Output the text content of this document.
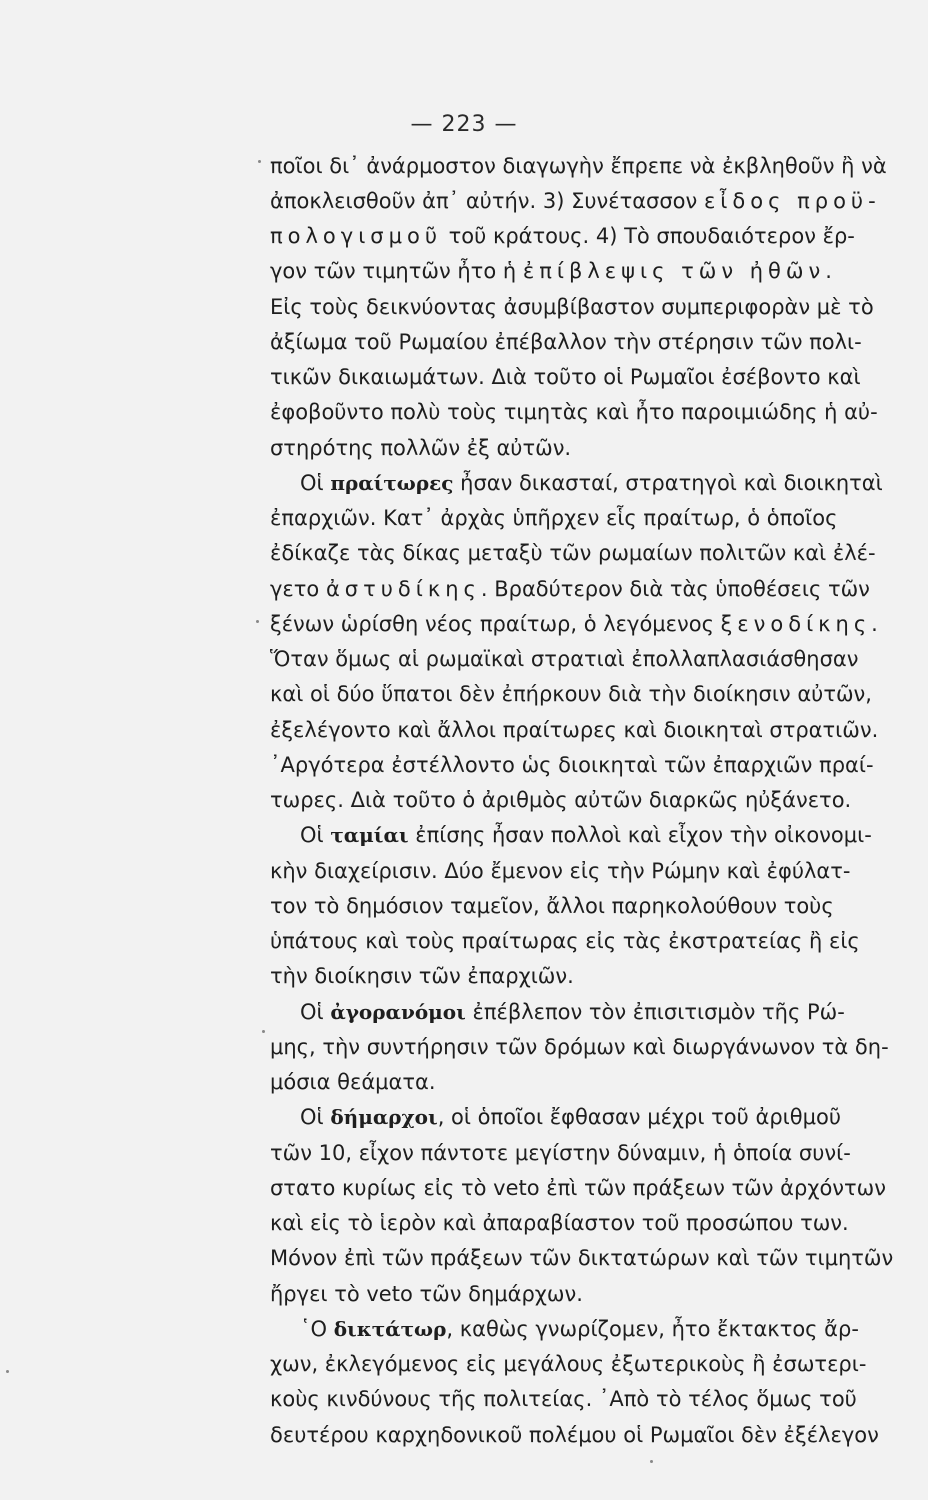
— 223 —
ποῖοι δι᾽ ἀνάρμοστον διαγωγὴν ἔπρεπε νὰ ἐκβληθοῦν ἢ νὰ
ἀποκλεισθοῦν ἀπ᾽ αὐτήν. 3) Συνέτασσον εἶδος προϋ-
πολογισμοῦ τοῦ κράτους. 4) Τὸ σπουδαιότερον ἔρ-
γον τῶν τιμητῶν ἦτο ἡ ἐπίβλεψις τῶν ἠθῶν.
Εἰς τοὺς δεικνύοντας ἀσυμβίβαστον συμπεριφορὰν μὲ τὸ
ἀξίωμα τοῦ Ρωμαίου ἐπέβαλλον τὴν στέρησιν τῶν πολι-
τικῶν δικαιωμάτων. Διὰ τοῦτο οἱ Ρωμαῖοι ἐσέβοντο καὶ
ἐφοβοῦντο πολὺ τοὺς τιμητὰς καὶ ἦτο παροιμιώδης ἡ αὐ-
στηρότης πολλῶν ἐξ αὐτῶν.
Οἱ πραίτωρες ἦσαν δικασταί, στρατηγοὶ καὶ διοικηταὶ
ἐπαρχιῶν. Κατ᾽ ἀρχὰς ὑπῆρχεν εἷς πραίτωρ, ὁ ὁποῖος
ἐδίκαζε τὰς δίκας μεταξὺ τῶν ρωμαίων πολιτῶν καὶ ἐλέ-
γετο ἀστυδίκης. Βραδύτερον διὰ τὰς ὑποθέσεις τῶν
ξένων ὡρίσθη νέος πραίτωρ, ὁ λεγόμενος ξενοδίκης.
Ὅταν ὅμως αἱ ρωμαϊκαὶ στρατιαὶ ἐπολλαπλασιάσθησαν
καὶ οἱ δύο ὕπατοι δὲν ἐπήρκουν διὰ τὴν διοίκησιν αὐτῶν,
ἐξελέγοντο καὶ ἄλλοι πραίτωρες καὶ διοικηταὶ στρατιῶν.
᾽Αργότερα ἐστέλλοντο ὡς διοικηταὶ τῶν ἐπαρχιῶν πραί-
τωρες. Διὰ τοῦτο ὁ ἀριθμὸς αὐτῶν διαρκῶς ηὐξάνετο.
Οἱ ταμίαι ἐπίσης ἦσαν πολλοὶ καὶ εἶχον τὴν οἰκονομι-
κὴν διαχείρισιν. Δύο ἔμενον εἰς τὴν Ρώμην καὶ ἐφύλατ-
τον τὸ δημόσιον ταμεῖον, ἄλλοι παρηκολούθουν τοὺς
ὑπάτους καὶ τοὺς πραίτωρας εἰς τὰς ἐκστρατείας ἢ εἰς
τὴν διοίκησιν τῶν ἐπαρχιῶν.
Οἱ ἀγορανόμοι ἐπέβλεπον τὸν ἐπισιτισμὸν τῆς Ρώ-
μης, τὴν συντήρησιν τῶν δρόμων καὶ διωργάνωνον τὰ δη-
μόσια θεάματα.
Οἱ δήμαρχοι, οἱ ὁποῖοι ἔφθασαν μέχρι τοῦ ἀριθμοῦ
τῶν 10, εἶχον πάντοτε μεγίστην δύναμιν, ἡ ὁποία συνί-
στατο κυρίως εἰς τὸ veto ἐπὶ τῶν πράξεων τῶν ἀρχόντων
καὶ εἰς τὸ ἱερὸν καὶ ἀπαραβίαστον τοῦ προσώπου των.
Μόνον ἐπὶ τῶν πράξεων τῶν δικτατώρων καὶ τῶν τιμητῶν
ἤργει τὸ veto τῶν δημάρχων.
῾Ο δικτάτωρ, καθὼς γνωρίζομεν, ἦτο ἔκτακτος ἄρ-
χων, ἐκλεγόμενος εἰς μεγάλους ἐξωτερικοὺς ἢ ἐσωτερι-
κοὺς κινδύνους τῆς πολιτείας. ᾽Απὸ τὸ τέλος ὅμως τοῦ
δευτέρου καρχηδονικοῦ πολέμου οἱ Ρωμαῖοι δὲν ἐξέλεγον
